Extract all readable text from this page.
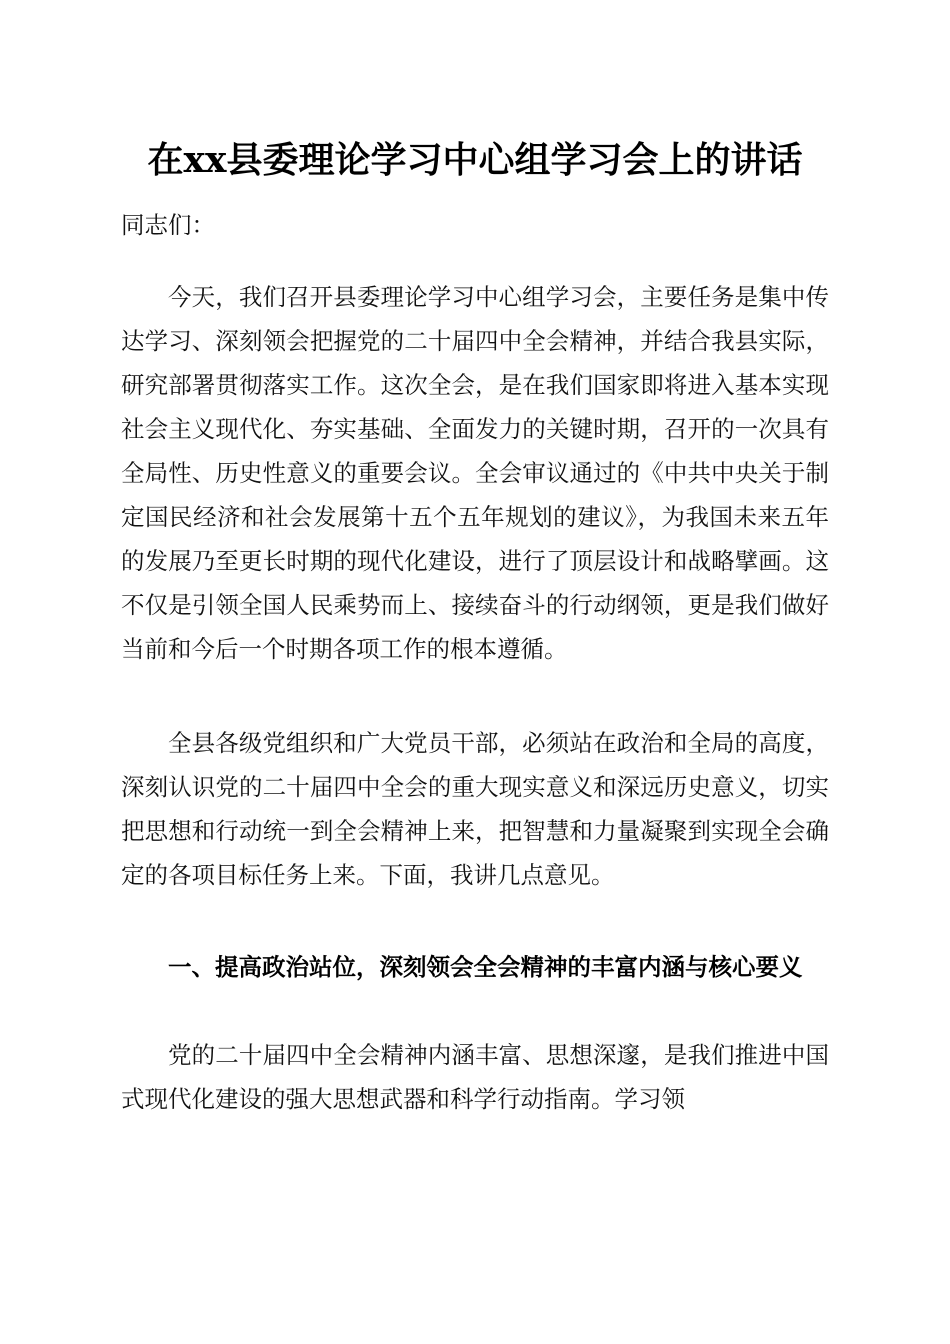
在xx县委理论学习中心组学习会上的讲话
同志们：

今天，我们召开县委理论学习中心组学习会，主要任务是集中传达学习、深刻领会把握党的二十届四中全会精神，并结合我县实际，研究部署贯彻落实工作。这次全会，是在我们国家即将进入基本实现社会主义现代化、夯实基础、全面发力的关键时期，召开的一次具有全局性、历史性意义的重要会议。全会审议通过的《中共中央关于制定国民经济和社会发展第十五个五年规划的建议》，为我国未来五年的发展乃至更长时期的现代化建设，进行了顶层设计和战略擘画。这不仅是引领全国人民乘势而上、接续奋斗的行动纲领，更是我们做好当前和今后一个时期各项工作的根本遵循。

全县各级党组织和广大党员干部，必须站在政治和全局的高度，深刻认识党的二十届四中全会的重大现实意义和深远历史意义，切实把思想和行动统一到全会精神上来，把智慧和力量凝聚到实现全会确定的各项目标任务上来。下面，我讲几点意见。

一、提高政治站位，深刻领会全会精神的丰富内涵与核心要义

党的二十届四中全会精神内涵丰富、思想深邃，是我们推进中国式现代化建设的强大思想武器和科学行动指南。学习领
